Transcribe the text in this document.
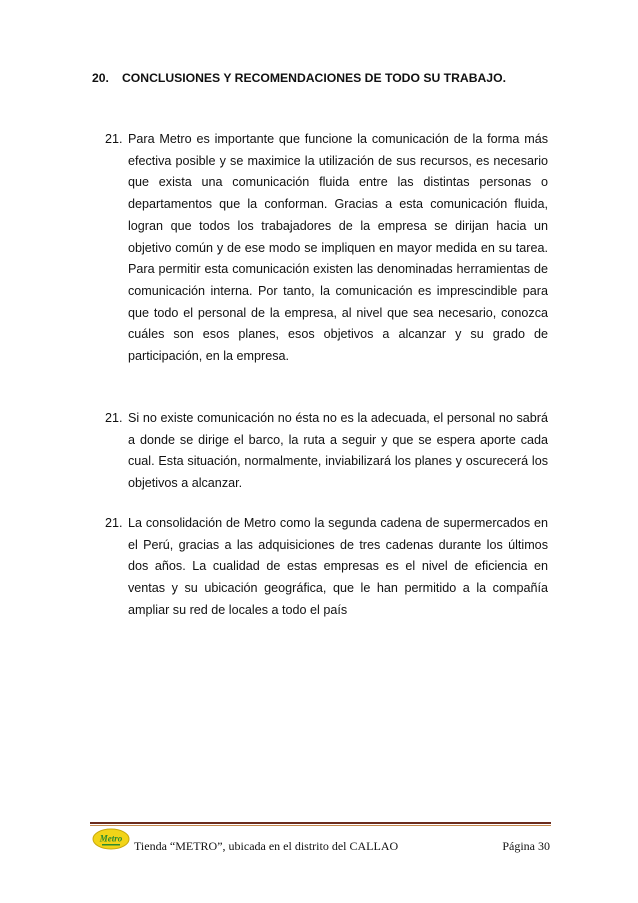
20. CONCLUSIONES Y RECOMENDACIONES DE TODO SU TRABAJO.
21. Para Metro es importante que funcione la comunicación de la forma más efectiva posible y se maximice la utilización de sus recursos, es necesario que exista una comunicación fluida entre las distintas personas o departamentos que la conforman. Gracias a esta comunicación fluida, logran que todos los trabajadores de la empresa se dirijan hacia un objetivo común y de ese modo se impliquen en mayor medida en su tarea. Para permitir esta comunicación existen las denominadas herramientas de comunicación interna. Por tanto, la comunicación es imprescindible para que todo el personal de la empresa, al nivel que sea necesario, conozca cuáles son esos planes, esos objetivos a alcanzar y su grado de participación, en la empresa.
21. Si no existe comunicación no ésta no es la adecuada, el personal no sabrá a donde se dirige el barco, la ruta a seguir y que se espera aporte cada cual. Esta situación, normalmente, inviabilizará los planes y oscurecerá los objetivos a alcanzar.
21. La consolidación de Metro como la segunda cadena de supermercados en el Perú, gracias a las adquisiciones de tres cadenas durante los últimos dos años. La cualidad de estas empresas es el nivel de eficiencia en ventas y su ubicación geográfica, que le han permitido a la compañía ampliar su red de locales a todo el país
Metro
Tienda “METRO”, ubicada en el distrito del CALLAO	Página 30
